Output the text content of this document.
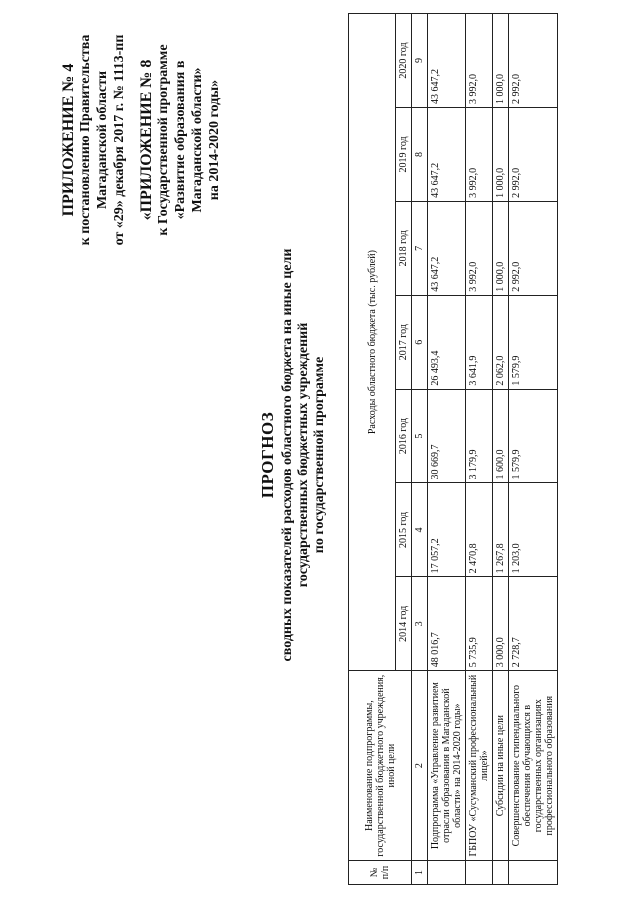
ПРИЛОЖЕНИЕ № 4 к постановлению Правительства Магаданской области от «29» декабря 2017 г. № 1113-пп «ПРИЛОЖЕНИЕ № 8 к Государственной программе «Развитие образования в Магаданской области» на 2014-2020 годы»
ПРОГНОЗ сводных показателей расходов областного бюджета на иные цели государственных бюджетных учреждений по государственной программе
№ п/п	Наименование подпрограммы, государственной бюджетного учреждения, иной цели	Расходы областного бюджета (тыс. рублей)						
		2014 год	2015 год	2016 год	2017 год	2018 год	2019 год	2020 год
1	2	3	4	5	6	7	8	9
	Подпрограмма «Управление развитием отрасли образования в Магаданской области» на 2014-2020 годы»	48 016,7	17 057,2	30 669,7	26 493,4	43 647,2	43 647,2	43 647,2
	ГБПОУ «Сусуманский профессиональный лицей»	5 735,9	2 470,8	3 179,9	3 641,9	3 992,0	3 992,0	3 992,0
	Субсидии на иные цели	3 000,0	1 267,8	1 600,0	2 062,0	1 000,0	1 000,0	1 000,0
	Совершенствование стипендиального обеспечения обучающихся в государственных организациях профессионального образования	2 728,7	1 203,0	1 579,9	1 579,9	2 992,0	2 992,0	2 992,0
